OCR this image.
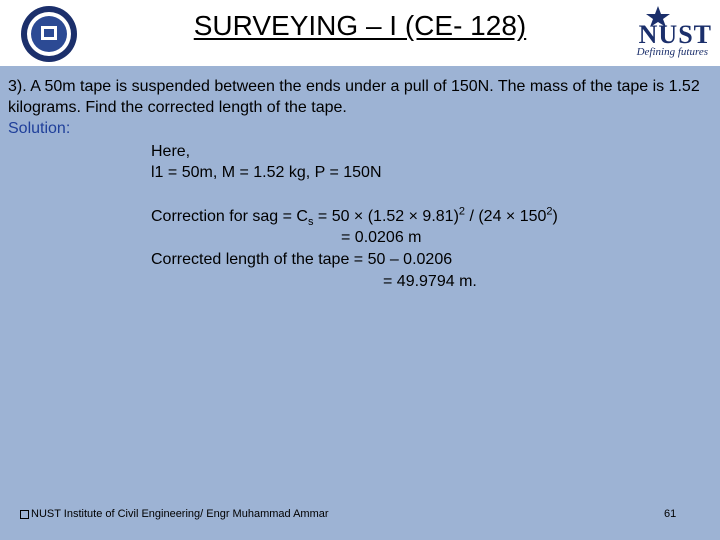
SURVEYING – I (CE- 128)	NUST
Defining futures
3). A 50m tape is suspended between the ends under a pull of 150N. The mass of the tape is 1.52 kilograms. Find the corrected length of the tape.
Solution:
Here,
l1 = 50m, M = 1.52 kg, P = 150N
Correction for sag = $C_s = 50 \times (1.52 \times 9.81)^2 / (24 \times 150^2)$
= 0.0206 m
Corrected length of the tape = 50 – 0.0206
= 49.9794 m.
NUST Institute of Civil Engineering/ Engr Muhammad Ammar	61
